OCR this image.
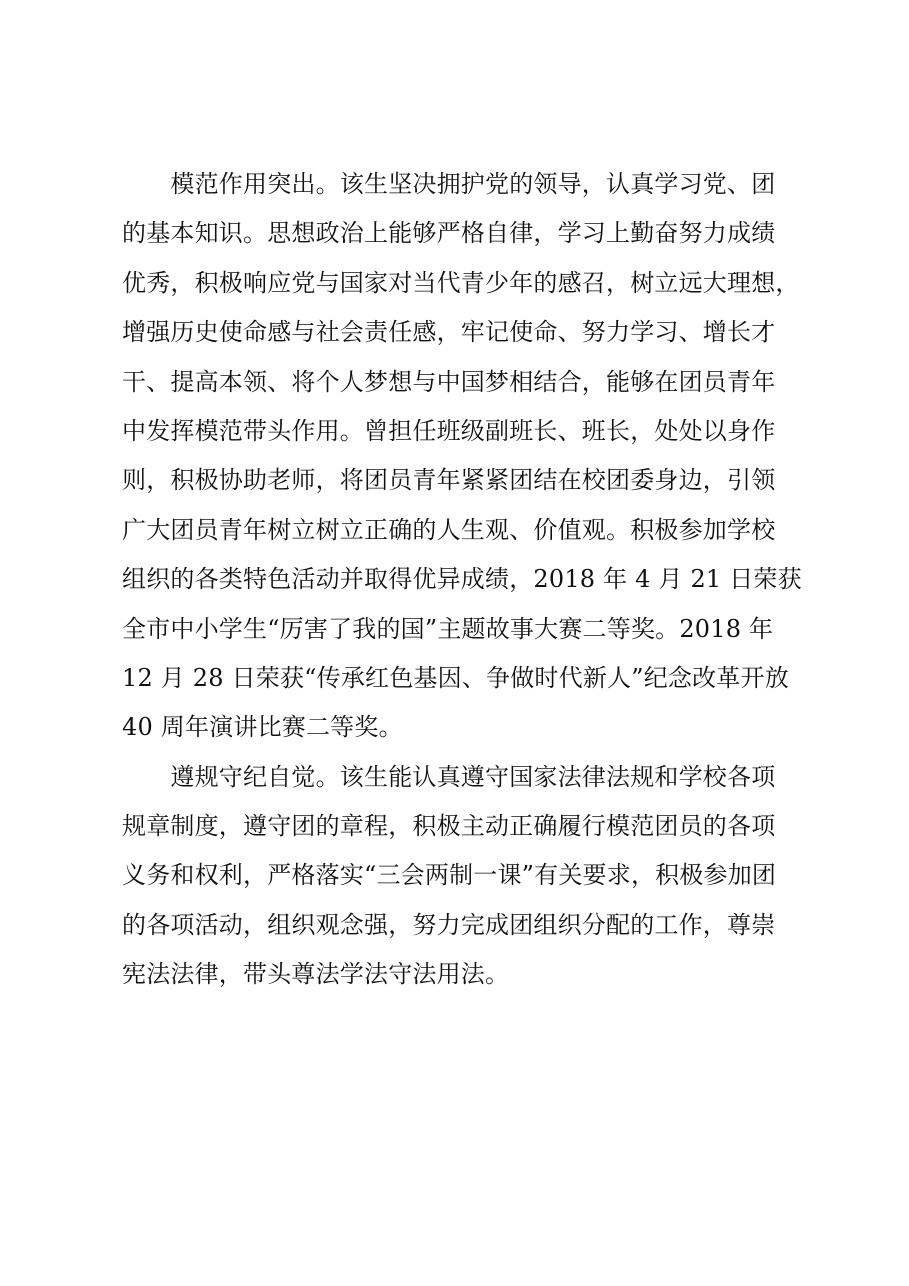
　　模范作用突出。该生坚决拥护党的领导，认真学习党、团
的基本知识。思想政治上能够严格自律，学习上勤奋努力成绩
优秀，积极响应党与国家对当代青少年的感召，树立远大理想，
增强历史使命感与社会责任感，牢记使命、努力学习、增长才
干、提高本领、将个人梦想与中国梦相结合，能够在团员青年
中发挥模范带头作用。曾担任班级副班长、班长，处处以身作
则，积极协助老师，将团员青年紧紧团结在校团委身边，引领
广大团员青年树立树立正确的人生观、价值观。积极参加学校
组织的各类特色活动并取得优异成绩，2018 年 4 月 21 日荣获
全市中小学生“厉害了我的国”主题故事大赛二等奖。2018 年
12 月 28 日荣获“传承红色基因、争做时代新人”纪念改革开放
40 周年演讲比赛二等奖。

　　遵规守纪自觉。该生能认真遵守国家法律法规和学校各项
规章制度，遵守团的章程，积极主动正确履行模范团员的各项
义务和权利，严格落实“三会两制一课”有关要求，积极参加团
的各项活动，组织观念强，努力完成团组织分配的工作，尊崇
宪法法律，带头尊法学法守法用法。
